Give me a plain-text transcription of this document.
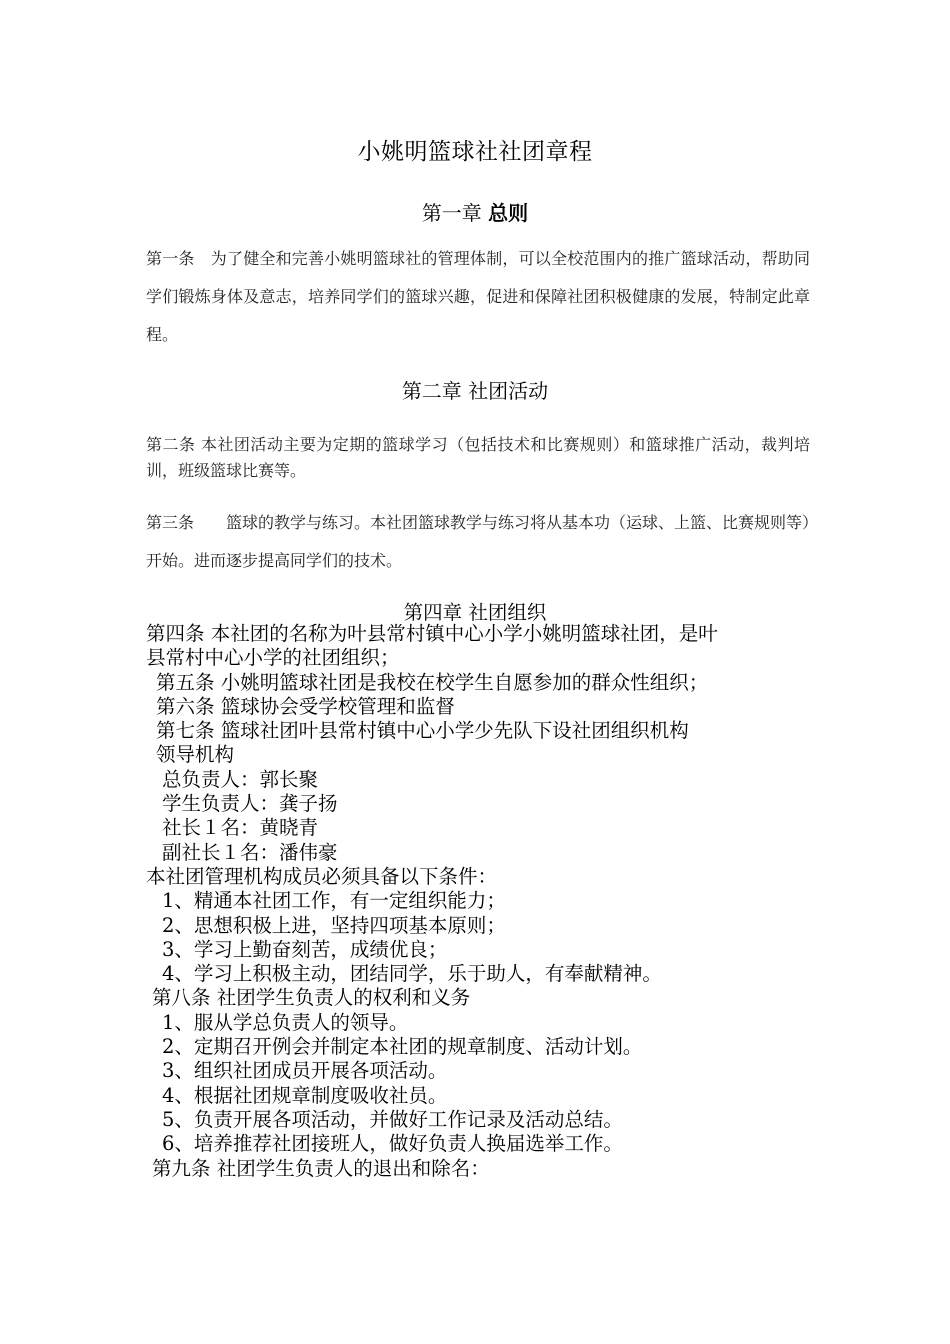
小姚明篮球社社团章程
第一章 总则
第一条　为了健全和完善小姚明篮球社的管理体制，可以全校范围内的推广篮球活动，帮助同学们锻炼身体及意志，培养同学们的篮球兴趣，促进和保障社团积极健康的发展，特制定此章程。
第二章 社团活动
第二条 本社团活动主要为定期的篮球学习（包括技术和比赛规则）和篮球推广活动，裁判培训，班级篮球比赛等。
第三条　　篮球的教学与练习。本社团篮球教学与练习将从基本功（运球、上篮、比赛规则等）开始。进而逐步提高同学们的技术。
第四章 社团组织
第四条 本社团的名称为叶县常村镇中心小学小姚明篮球社团，是叶
县常村中心小学的社团组织；
第五条 小姚明篮球社团是我校在校学生自愿参加的群众性组织；
第六条 篮球协会受学校管理和监督
第七条 篮球社团叶县常村镇中心小学少先队下设社团组织机构
领导机构
总负责人：郭长聚
学生负责人：龚子扬
社长１名：黄晓青
副社长１名：潘伟豪
本社团管理机构成员必须具备以下条件：
1、精通本社团工作，有一定组织能力；
2、思想积极上进，坚持四项基本原则；
3、学习上勤奋刻苦，成绩优良；
4、学习上积极主动，团结同学，乐于助人，有奉献精神。
第八条 社团学生负责人的权利和义务
1、服从学总负责人的领导。
2、定期召开例会并制定本社团的规章制度、活动计划。
3、组织社团成员开展各项活动。
4、根据社团规章制度吸收社员。
5、负责开展各项活动，并做好工作记录及活动总结。
6、培养推荐社团接班人，做好负责人换届选举工作。
第九条 社团学生负责人的退出和除名：
